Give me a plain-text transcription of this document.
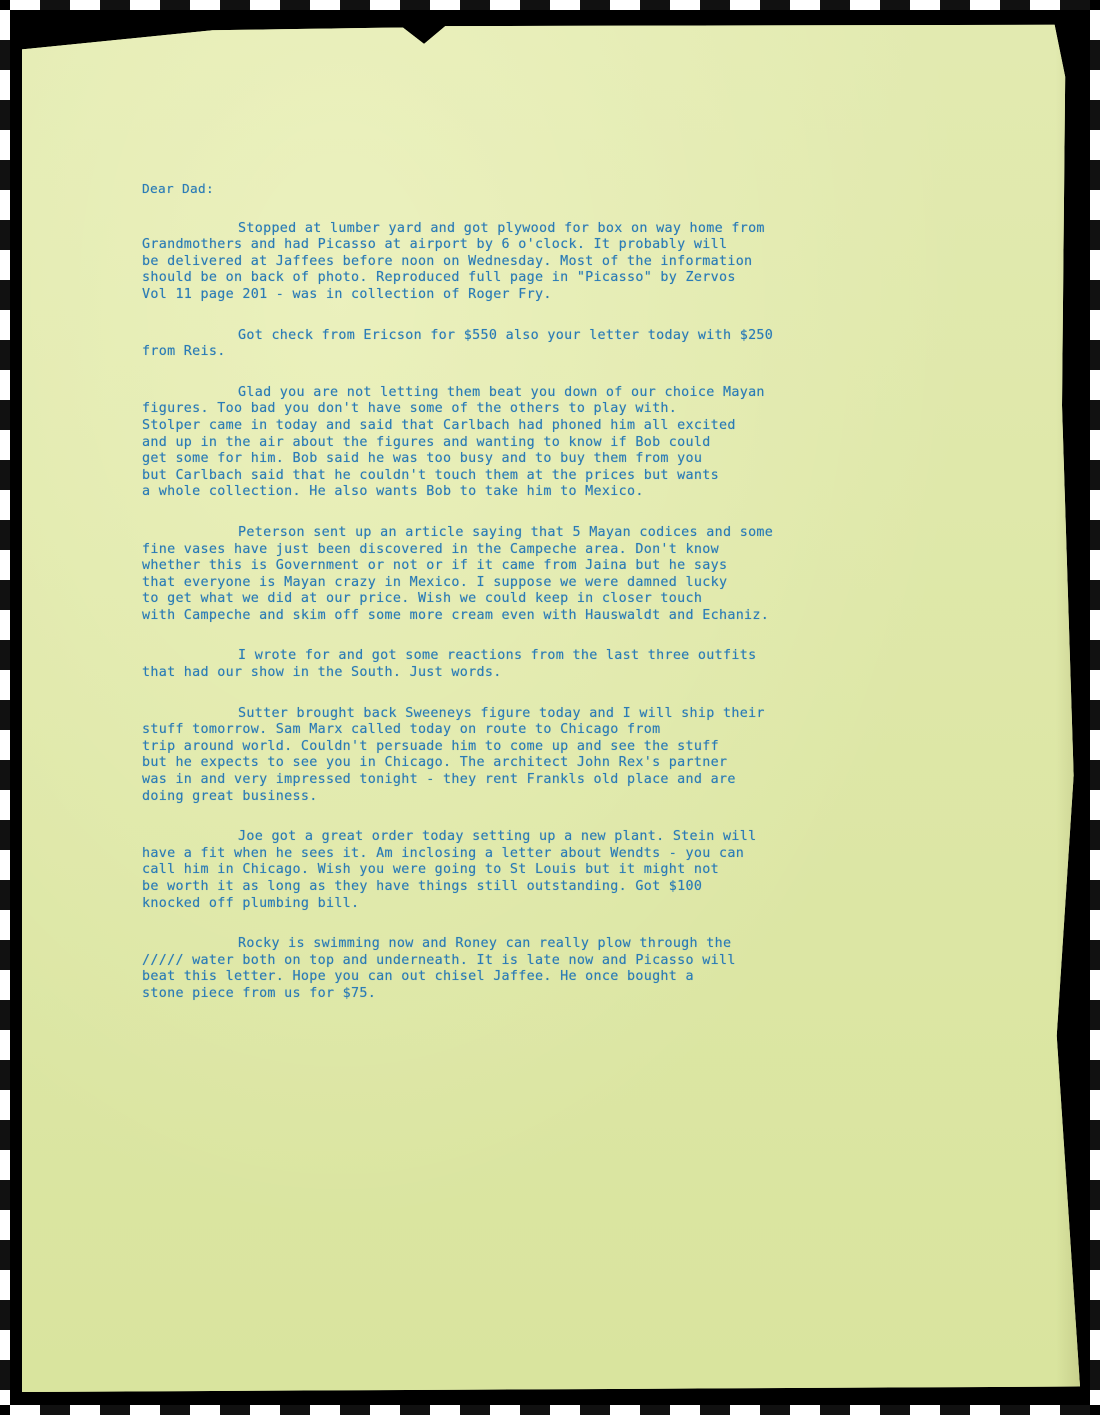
Dear Dad:

Stopped at lumber yard and got plywood for box on way home from
Grandmothers and had Picasso at airport by 6 o'clock. It probably will
be delivered at Jaffees before noon on Wednesday. Most of the information
should be on back of photo. Reproduced full page in "Picasso" by Zervos
Vol 11 page 201 - was in collection of Roger Fry.

Got check from Ericson for $550 also your letter today with $250
from Reis.

Glad you are not letting them beat you down of our choice Mayan
figures. Too bad you don't have some of the others to play with.
Stolper came in today and said that Carlbach had phoned him all excited
and up in the air about the figures and wanting to know if Bob could
get some for him. Bob said he was too busy and to buy them from you
but Carlbach said that he couldn't touch them at the prices but wants
a whole collection. He also wants Bob to take him to Mexico.

Peterson sent up an article saying that 5 Mayan codices and some
fine vases have just been discovered in the Campeche area. Don't know
whether this is Government or not or if it came from Jaina but he says
that everyone is Mayan crazy in Mexico. I suppose we were damned lucky
to get what we did at our price. Wish we could keep in closer touch
with Campeche and skim off some more cream even with Hauswaldt and Echaniz.

I wrote for and got some reactions from the last three outfits
that had our show in the South. Just words.

Sutter brought back Sweeneys figure today and I will ship their
stuff tomorrow. Sam Marx called today on route to Chicago from
trip around world. Couldn't persuade him to come up and see the stuff
but he expects to see you in Chicago. The architect John Rex's partner
was in and very impressed tonight - they rent Frankls old place and are
doing great business.

Joe got a great order today setting up a new plant. Stein will
have a fit when he sees it. Am inclosing a letter about Wendts - you can
call him in Chicago. Wish you were going to St Louis but it might not
be worth it as long as they have things still outstanding. Got $100
knocked off plumbing bill.

Rocky is swimming now and Roney can really plow through the
///// water both on top and underneath. It is late now and Picasso will
beat this letter. Hope you can out chisel Jaffee. He once bought a
stone piece from us for $75.
